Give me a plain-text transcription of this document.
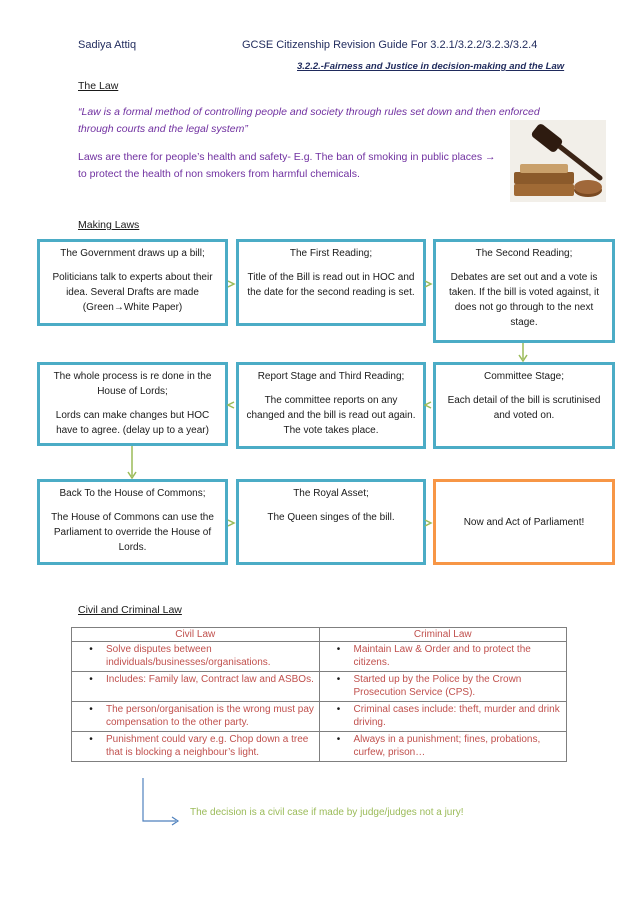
Sadiya Attiq	GCSE Citizenship Revision Guide For 3.2.1/3.2.2/3.2.3/3.2.4
3.2.2.-Fairness and Justice in decision-making and the Law
The Law
“Law is a formal method of controlling people and society through rules set down and then enforced
through courts and the legal system”
Laws are there for people’s health and safety- E.g. The ban of smoking in public places →
to protect the health of non smokers from harmful chemicals.
Making Laws
The Government draws up a bill;
Politicians talk to experts about their idea. Several Drafts are made (Green→White Paper)
The First Reading;
Title of the Bill is read out in HOC and the date for the second reading is set.
The Second Reading;
Debates are set out and a vote is taken. If the bill is voted against, it does not go through to the next stage.
The whole process is re done in the House of Lords;
Lords can make changes but HOC have to agree. (delay up to a year)
Report Stage and Third Reading;
The committee reports on any changed and the bill is read out again. The vote takes place.
Committee Stage;
Each detail of the bill is scrutinised and voted on.
Back To the House of Commons;
The House of Commons can use the Parliament to override the House of Lords.
The Royal Asset;
The Queen singes of the bill.	Now and Act of Parliament!
Civil and Criminal Law
Civil Law	Criminal Law

• Solve disputes between individuals/businesses/organisations.	• Maintain Law & Order and to protect the citizens.

• Includes: Family law, Contract law and ASBOs.	• Started up by the Police by the Crown Prosecution Service (CPS).

• The person/organisation is the wrong must pay compensation to the other party.	• Criminal cases include: theft, murder and drink driving.

• Punishment could vary e.g. Chop down a tree that is blocking a neighbour’s light.	• Always in a punishment; fines, probations, curfew, prison…
The decision is a civil case if made by judge/judges not a jury!
